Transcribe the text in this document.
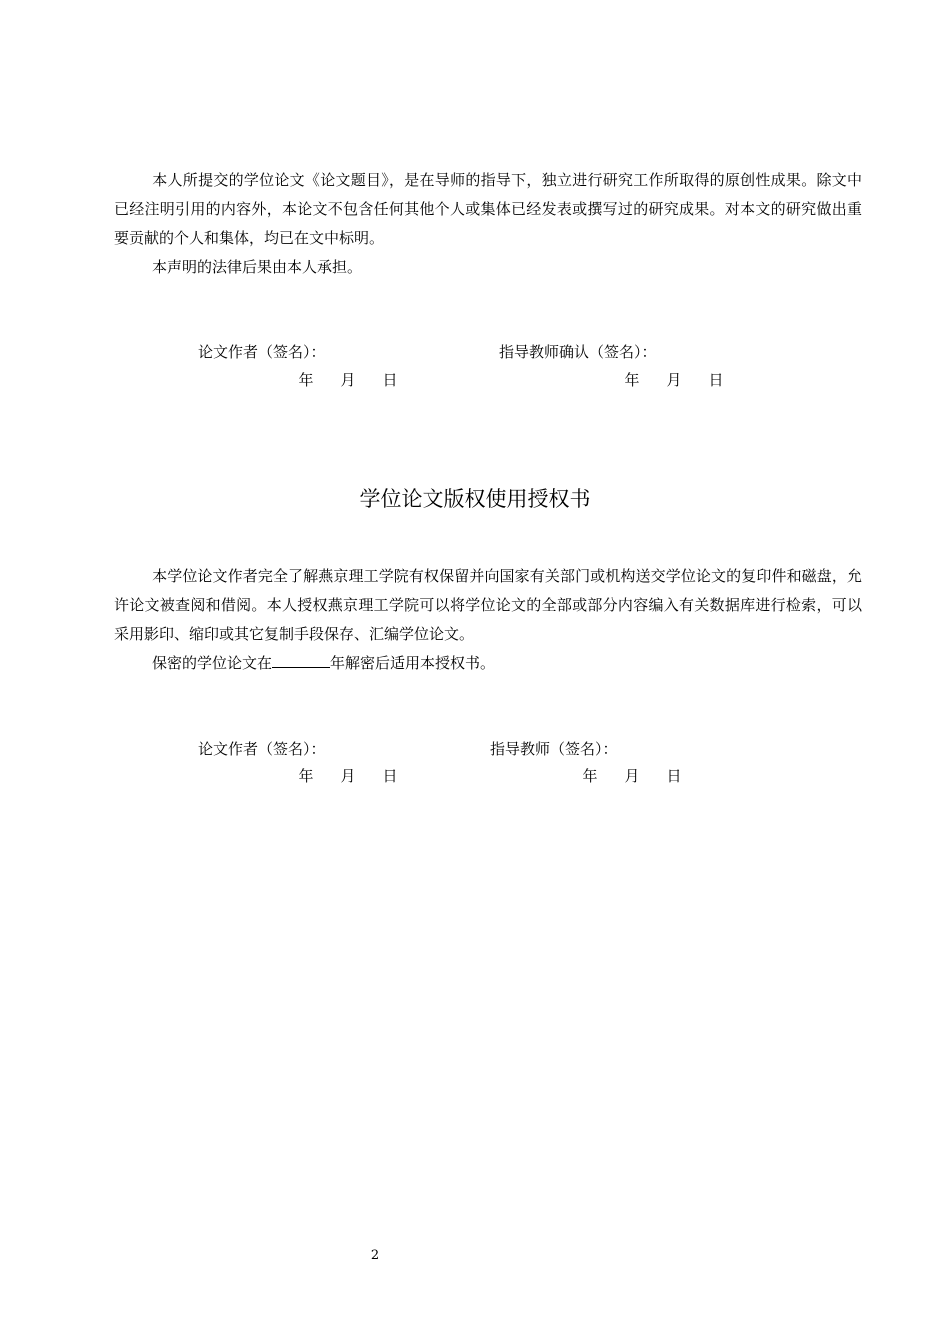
本人所提交的学位论文《论文题目》，是在导师的指导下，独立进行研究工作所取得的原创性成果。除文中已经注明引用的内容外，本论文不包含任何其他个人或集体已经发表或撰写过的研究成果。对本文的研究做出重要贡献的个人和集体，均已在文中标明。

本声明的法律后果由本人承担。

论文作者（签名）：	指导教师确认（签名）：
年 月 日	年 月 日
学位论文版权使用授权书

本学位论文作者完全了解燕京理工学院有权保留并向国家有关部门或机构送交学位论文的复印件和磁盘，允许论文被查阅和借阅。本人授权燕京理工学院可以将学位论文的全部或部分内容编入有关数据库进行检索，可以采用影印、缩印或其它复制手段保存、汇编学位论文。

保密的学位论文在	年解密后适用本授权书。

论文作者（签名）：	指导教师（签名）：
年 月 日	年 月 日
2
